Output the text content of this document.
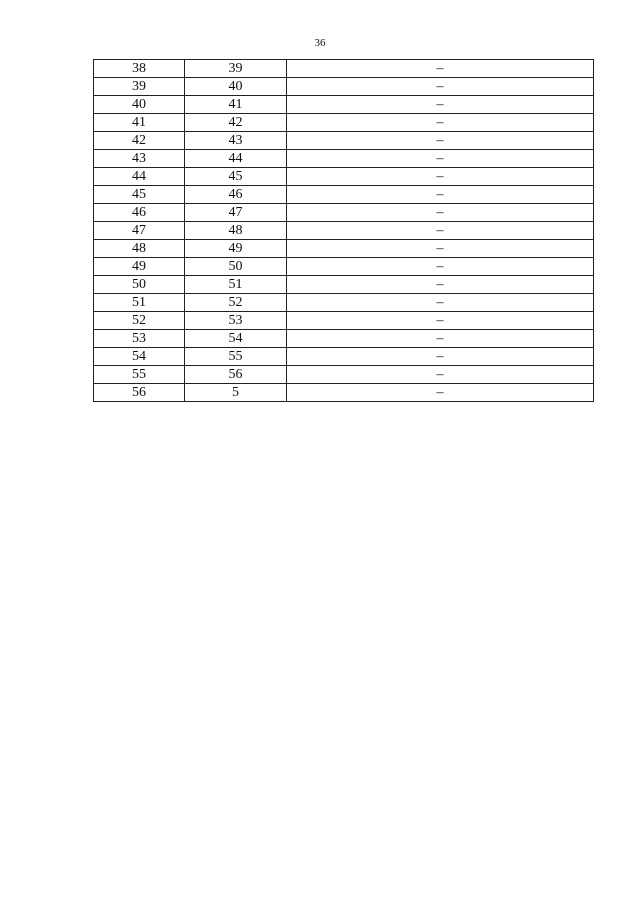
36
38	39	–
39	40	–
40	41	–
41	42	–
42	43	–
43	44	–
44	45	–
45	46	–
46	47	–
47	48	–
48	49	–
49	50	–
50	51	–
51	52	–
52	53	–
53	54	–
54	55	–
55	56	–
56	5	–
